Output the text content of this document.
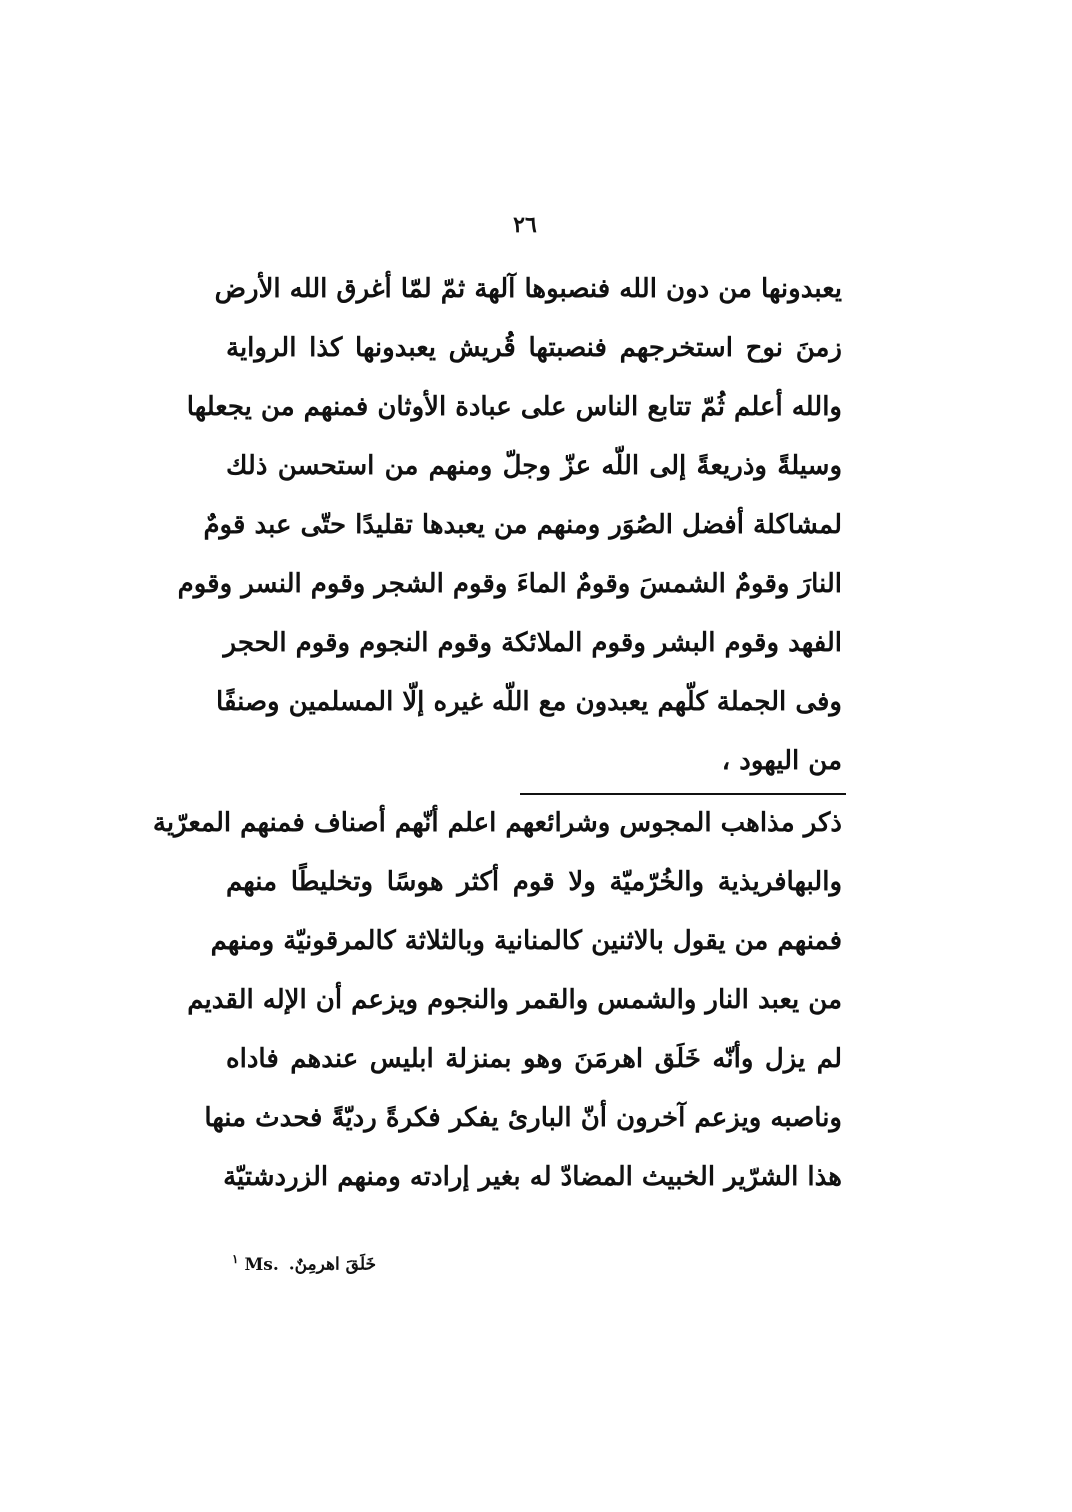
٢٦
يعبدونها من دون الله فنصبوها آلهة ثمّ لمّا أغرق الله الأرض
زمنَ نوح استخرجهم فنصبتها قُريش يعبدونها كذا الرواية
والله أعلم ثُمّ تتابع الناس على عبادة الأوثان فمنهم من يجعلها
وسيلةً وذريعةً إلى اللّه عزّ وجلّ ومنهم من استحسن ذلك
لمشاكلة أفضل الصُوَر ومنهم من يعبدها تقليدًا حتّى عبد قومٌ
النارَ وقومٌ الشمسَ وقومٌ الماءَ وقوم الشجر وقوم النسر وقوم
الفهد وقوم البشر وقوم الملائكة وقوم النجوم وقوم الحجر
وفى الجملة كلّهم يعبدون مع اللّه غيره إلّا المسلمين وصنفًا
من اليهود ،
ذكر مذاهب المجوس وشرائعهم اعلم أنّهم أصناف فمنهم المعرّية
والبهافريذية والخُرّميّة ولا قوم أكثر هوسًا وتخليطًا منهم
فمنهم من يقول بالاثنين كالمنانية وبالثلاثة كالمرقونيّة ومنهم
من يعبد النار والشمس والقمر والنجوم ويزعم أن الإله القديم
لم يزل وأنّه خَلَق اهرمَنَ وهو بمنزلة ابليس عندهم فاداه
وناصبه ويزعم آخرون أنّ البارئ يفكر فكرةً رديّةً فحدث منها
هذا الشرّير الخبيث المضادّ له بغير إرادته ومنهم الزردشتيّة
$^١$ Ms. خَلَقَ اهرمِنٌ.
